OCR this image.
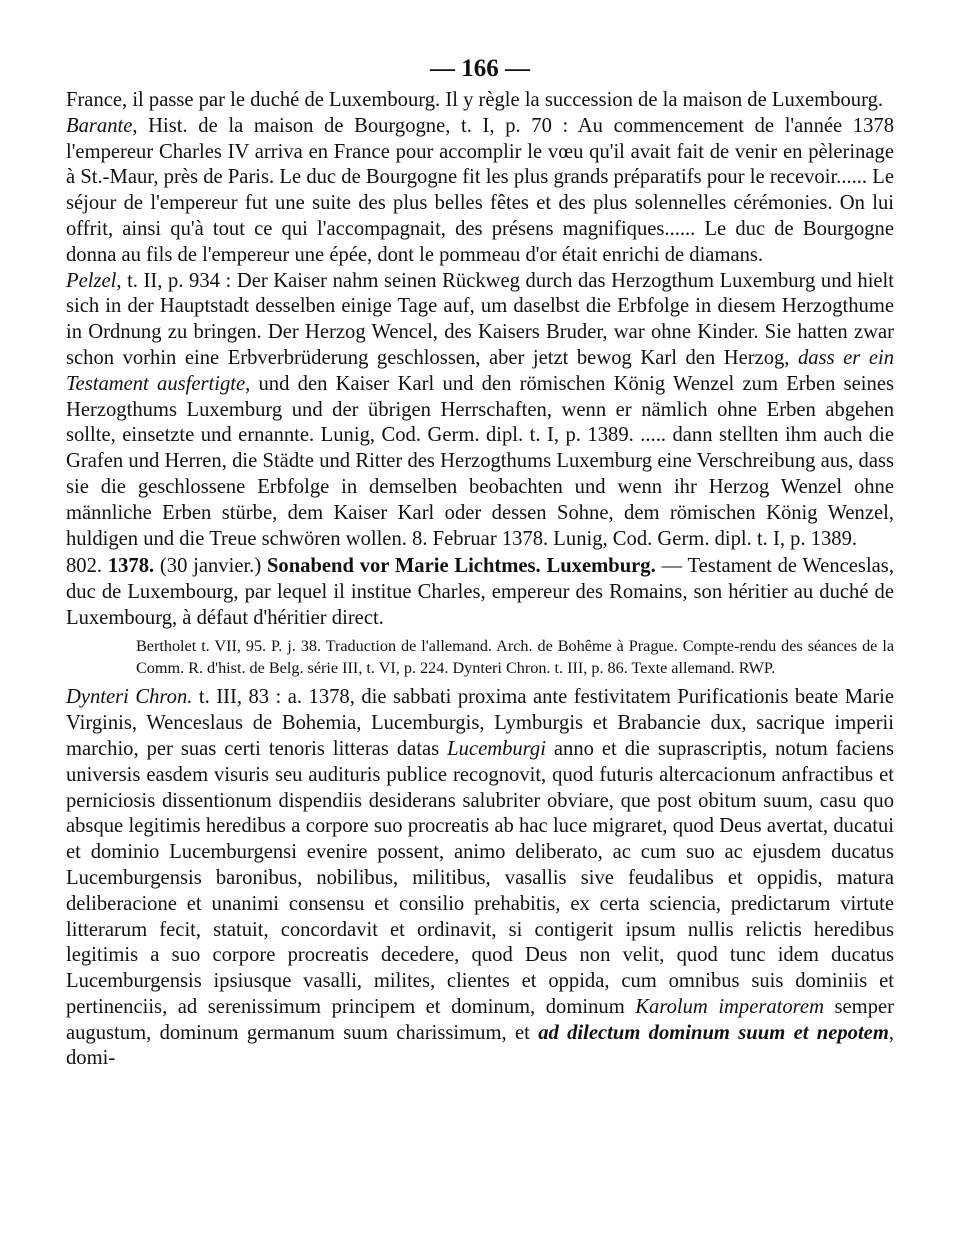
— 166 —

France, il passe par le duché de Luxembourg. Il y règle la succession de la maison de Luxembourg.

Barante, Hist. de la maison de Bourgogne, t. I, p. 70 : Au commencement de l'année 1378 l'empereur Charles IV arriva en France pour accomplir le vœu qu'il avait fait de venir en pèlerinage à St.-Maur, près de Paris. Le duc de Bourgogne fit les plus grands préparatifs pour le recevoir...... Le séjour de l'empereur fut une suite des plus belles fêtes et des plus solennelles cérémonies. On lui offrit, ainsi qu'à tout ce qui l'accompagnait, des présens magnifiques...... Le duc de Bourgogne donna au fils de l'empereur une épée, dont le pommeau d'or était enrichi de diamans.

Pelzel, t. II, p. 934 : Der Kaiser nahm seinen Rückweg durch das Herzogthum Luxemburg und hielt sich in der Hauptstadt desselben einige Tage auf, um daselbst die Erbfolge in diesem Herzogthume in Ordnung zu bringen. Der Herzog Wencel, des Kaisers Bruder, war ohne Kinder. Sie hatten zwar schon vorhin eine Erbverbrüderung geschlossen, aber jetzt bewog Karl den Herzog, dass er ein Testament ausfertigte, und den Kaiser Karl und den römischen König Wenzel zum Erben seines Herzogthums Luxemburg und der übrigen Herrschaften, wenn er nämlich ohne Erben abgehen sollte, einsetzte und ernannte. Lunig, Cod. Germ. dipl. t. I, p. 1389. ..... dann stellten ihm auch die Grafen und Herren, die Städte und Ritter des Herzogthums Luxemburg eine Verschreibung aus, dass sie die geschlossene Erbfolge in demselben beobachten und wenn ihr Herzog Wenzel ohne männliche Erben stürbe, dem Kaiser Karl oder dessen Sohne, dem römischen König Wenzel, huldigen und die Treue schwören wollen. 8. Februar 1378. Lunig, Cod. Germ. dipl. t. I, p. 1389.

802. 1378. (30 janvier.) Sonabend vor Marie Lichtmes. Luxemburg. — Testament de Wenceslas, duc de Luxembourg, par lequel il institue Charles, empereur des Romains, son héritier au duché de Luxembourg, à défaut d'héritier direct.

Bertholet t. VII, 95. P. j. 38. Traduction de l'allemand. Arch. de Bohême à Prague. Compte-rendu des séances de la Comm. R. d'hist. de Belg. série III, t. VI, p. 224. Dynteri Chron. t. III, p. 86. Texte allemand. RWP.

Dynteri Chron. t. III, 83 : a. 1378, die sabbati proxima ante festivitatem Purificationis beate Marie Virginis, Wenceslaus de Bohemia, Lucemburgis, Lymburgis et Brabancie dux, sacrique imperii marchio, per suas certi tenoris litteras datas Lucemburgi anno et die suprascriptis, notum faciens universis easdem visuris seu audituris publice recognovit, quod futuris altercacionum anfractibus et perniciosis dissentionum dispendiis desiderans salubriter obviare, que post obitum suum, casu quo absque legitimis heredibus a corpore suo procreatis ab hac luce migraret, quod Deus avertat, ducatui et dominio Lucemburgensi evenire possent, animo deliberato, ac cum suo ac ejusdem ducatus Lucemburgensis baronibus, nobilibus, militibus, vasallis sive feudalibus et oppidis, matura deliberacione et unanimi consensu et consilio prehabitis, ex certa sciencia, predictarum virtute litterarum fecit, statuit, concordavit et ordinavit, si contigerit ipsum nullis relictis heredibus legitimis a suo corpore procreatis decedere, quod Deus non velit, quod tunc idem ducatus Lucemburgensis ipsiusque vasalli, milites, clientes et oppida, cum omnibus suis dominiis et pertinenciis, ad serenissimum principem et dominum, dominum Karolum imperatorem semper augustum, dominum germanum suum charissimum, et ad dilectum dominum suum et nepotem, domi-
